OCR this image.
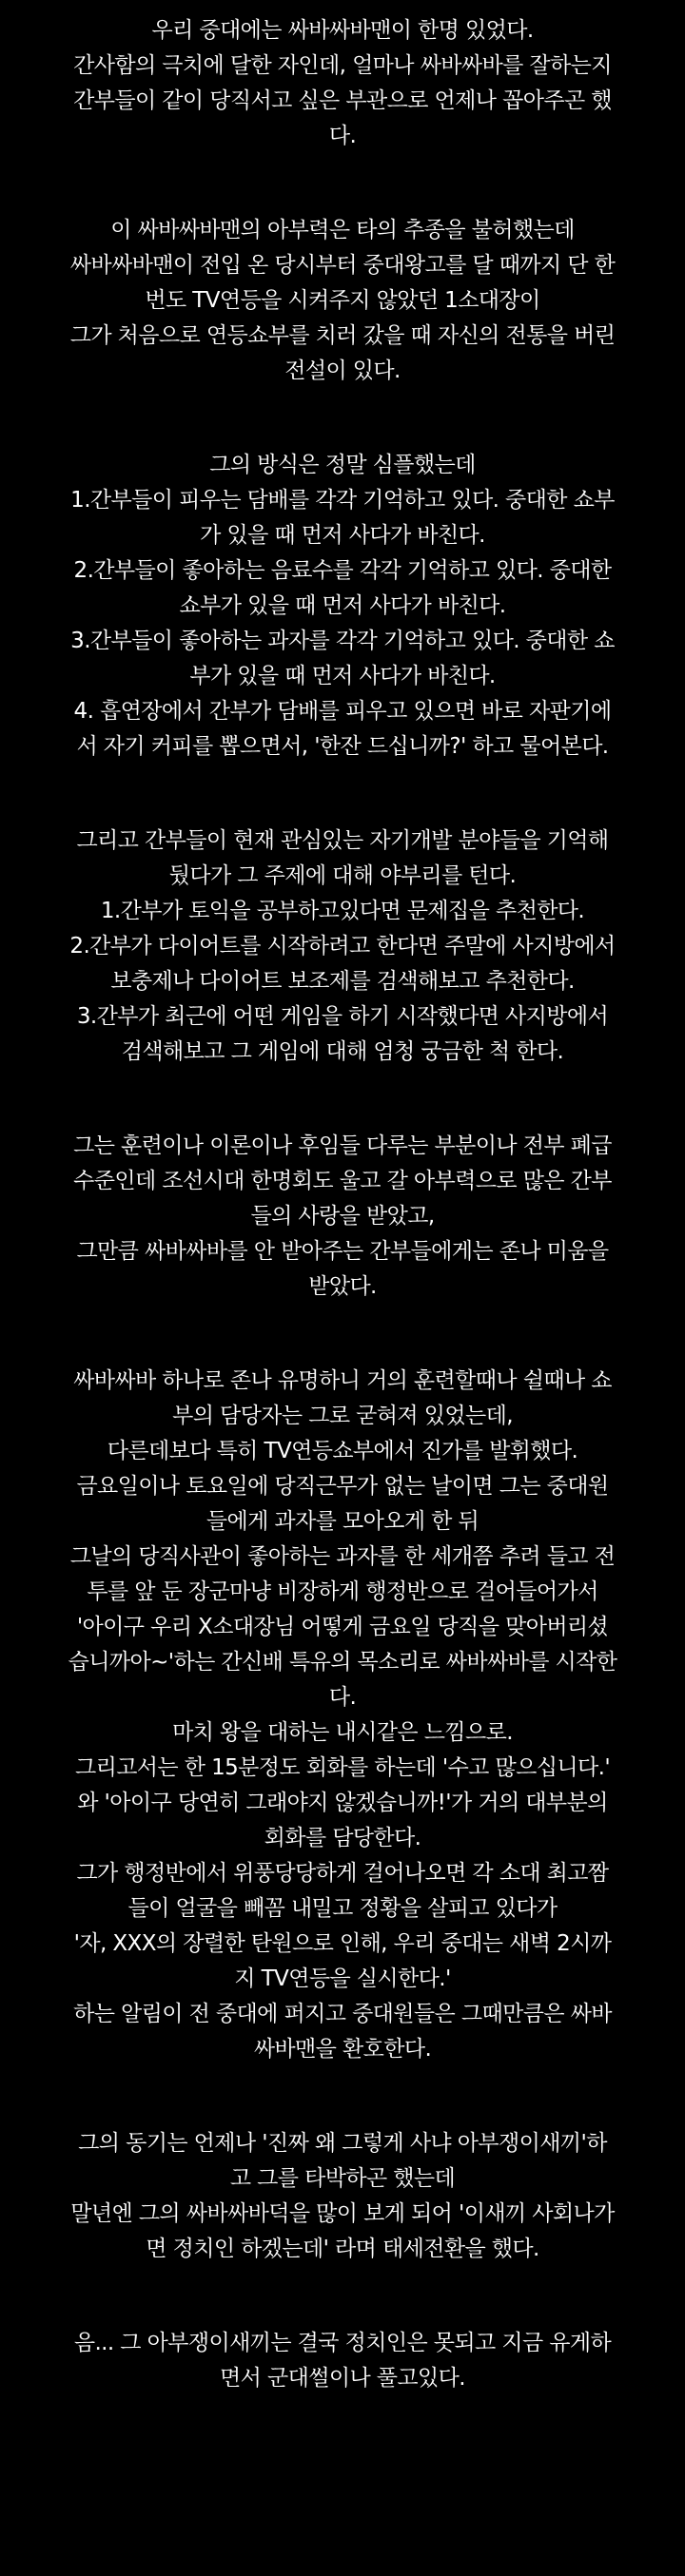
우리 중대에는 싸바싸바맨이 한명 있었다.
간사함의 극치에 달한 자인데, 얼마나 싸바싸바를 잘하는지
간부들이 같이 당직서고 싶은 부관으로 언제나 꼽아주곤 했
다.
이 싸바싸바맨의 아부력은 타의 추종을 불허했는데
싸바싸바맨이 전입 온 당시부터 중대왕고를 달 때까지 단 한
번도 TV연등을 시켜주지 않았던 1소대장이
그가 처음으로 연등쇼부를 치러 갔을 때 자신의 전통을 버린
전설이 있다.
그의 방식은 정말 심플했는데
1.간부들이 피우는 담배를 각각 기억하고 있다. 중대한 쇼부
가 있을 때 먼저 사다가 바친다.
2.간부들이 좋아하는 음료수를 각각 기억하고 있다. 중대한
쇼부가 있을 때 먼저 사다가 바친다.
3.간부들이 좋아하는 과자를 각각 기억하고 있다. 중대한 쇼
부가 있을 때 먼저 사다가 바친다.
4. 흡연장에서 간부가 담배를 피우고 있으면 바로 자판기에
서 자기 커피를 뽑으면서, '한잔 드십니까?' 하고 물어본다.
그리고 간부들이 현재 관심있는 자기개발 분야들을 기억해
뒀다가 그 주제에 대해 야부리를 턴다.
1.간부가 토익을 공부하고있다면 문제집을 추천한다.
2.간부가 다이어트를 시작하려고 한다면 주말에 사지방에서
보충제나 다이어트 보조제를 검색해보고 추천한다.
3.간부가 최근에 어떤 게임을 하기 시작했다면 사지방에서
검색해보고 그 게임에 대해 엄청 궁금한 척 한다.
그는 훈련이나 이론이나 후임들 다루는 부분이나 전부 폐급
수준인데 조선시대 한명회도 울고 갈 아부력으로 많은 간부
들의 사랑을 받았고,
그만큼 싸바싸바를 안 받아주는 간부들에게는 존나 미움을
받았다.
싸바싸바 하나로 존나 유명하니 거의 훈련할때나 쉴때나 쇼
부의 담당자는 그로 굳혀져 있었는데,
다른데보다 특히 TV연등쇼부에서 진가를 발휘했다.
금요일이나 토요일에 당직근무가 없는 날이면 그는 중대원
들에게 과자를 모아오게 한 뒤
그날의 당직사관이 좋아하는 과자를 한 세개쯤 추려 들고 전
투를 앞 둔 장군마냥 비장하게 행정반으로 걸어들어가서
'아이구 우리 X소대장님 어떻게 금요일 당직을 맞아버리셨
습니까아~'하는 간신배 특유의 목소리로 싸바싸바를 시작한
다.
마치 왕을 대하는 내시같은 느낌으로.
그리고서는 한 15분정도 회화를 하는데 '수고 많으십니다.'
와 '아이구 당연히 그래야지 않겠습니까!'가 거의 대부분의
회화를 담당한다.
그가 행정반에서 위풍당당하게 걸어나오면 각 소대 최고짬
들이 얼굴을 빼꼼 내밀고 정황을 살피고 있다가
'자, XXX의 장렬한 탄원으로 인해, 우리 중대는 새벽 2시까
지 TV연등을 실시한다.'
하는 알림이 전 중대에 퍼지고 중대원들은 그때만큼은 싸바
싸바맨을 환호한다.
그의 동기는 언제나 '진짜 왜 그렇게 사냐 아부쟁이새끼'하
고 그를 타박하곤 했는데
말년엔 그의 싸바싸바덕을 많이 보게 되어 '이새끼 사회나가
면 정치인 하겠는데' 라며 태세전환을 했다.
음... 그 아부쟁이새끼는 결국 정치인은 못되고 지금 유게하
면서 군대썰이나 풀고있다.
